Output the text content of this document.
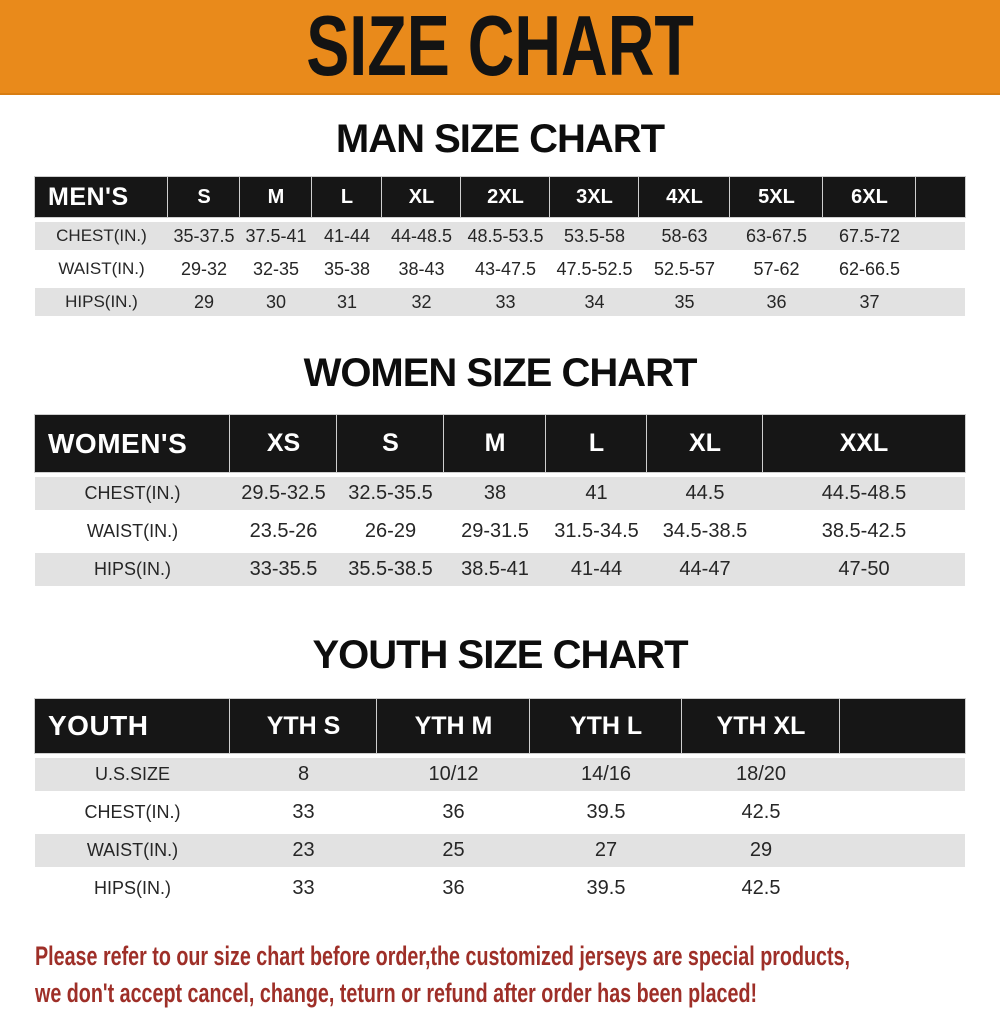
SIZE CHART
MAN SIZE CHART
MEN'S	S	M	L	XL	2XL	3XL	4XL	5XL	6XL	
CHEST(IN.)	35-37.5	37.5-41	41-44	44-48.5	48.5-53.5	53.5-58	58-63	63-67.5	67.5-72	
WAIST(IN.)	29-32	32-35	35-38	38-43	43-47.5	47.5-52.5	52.5-57	57-62	62-66.5	
HIPS(IN.)	29	30	31	32	33	34	35	36	37	
WOMEN SIZE CHART
WOMEN'S	XS	S	M	L	XL	XXL
CHEST(IN.)	29.5-32.5	32.5-35.5	38	41	44.5	44.5-48.5
WAIST(IN.)	23.5-26	26-29	29-31.5	31.5-34.5	34.5-38.5	38.5-42.5
HIPS(IN.)	33-35.5	35.5-38.5	38.5-41	41-44	44-47	47-50
YOUTH SIZE CHART
YOUTH	YTH S	YTH M	YTH L	YTH XL	
U.S.SIZE	8	10/12	14/16	18/20	
CHEST(IN.)	33	36	39.5	42.5	
WAIST(IN.)	23	25	27	29	
HIPS(IN.)	33	36	39.5	42.5	
Please refer to our size chart before order,the customized jerseys are special products,
we don't accept cancel, change, teturn or refund after order has been placed!
